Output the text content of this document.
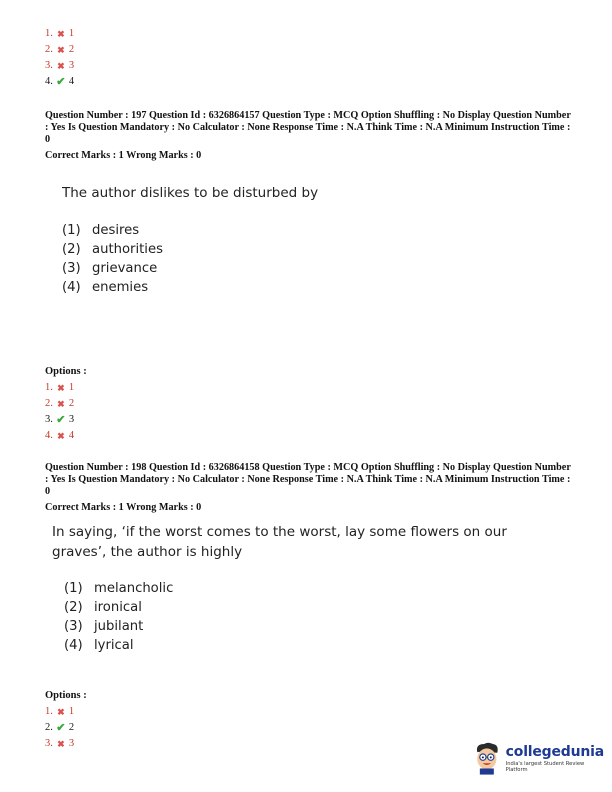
1. ✖ 1
2. ✖ 2
3. ✖ 3
4. ✔ 4
Question Number : 197 Question Id : 6326864157 Question Type : MCQ Option Shuffling : No Display Question Number : Yes Is Question Mandatory : No Calculator : None Response Time : N.A Think Time : N.A Minimum Instruction Time : 0
Correct Marks : 1 Wrong Marks : 0
The author dislikes to be disturbed by
(1) desires
(2) authorities
(3) grievance
(4) enemies
Options :
1. ✖ 1
2. ✖ 2
3. ✔ 3
4. ✖ 4
Question Number : 198 Question Id : 6326864158 Question Type : MCQ Option Shuffling : No Display Question Number : Yes Is Question Mandatory : No Calculator : None Response Time : N.A Think Time : N.A Minimum Instruction Time : 0
Correct Marks : 1 Wrong Marks : 0
In saying, ‘if the worst comes to the worst, lay some flowers on our
graves’, the author is highly
(1) melancholic
(2) ironical
(3) jubilant
(4) lyrical
Options :
1. ✖ 1
2. ✔ 2
3. ✖ 3	collegedunia
India's largest Student Review Platform
